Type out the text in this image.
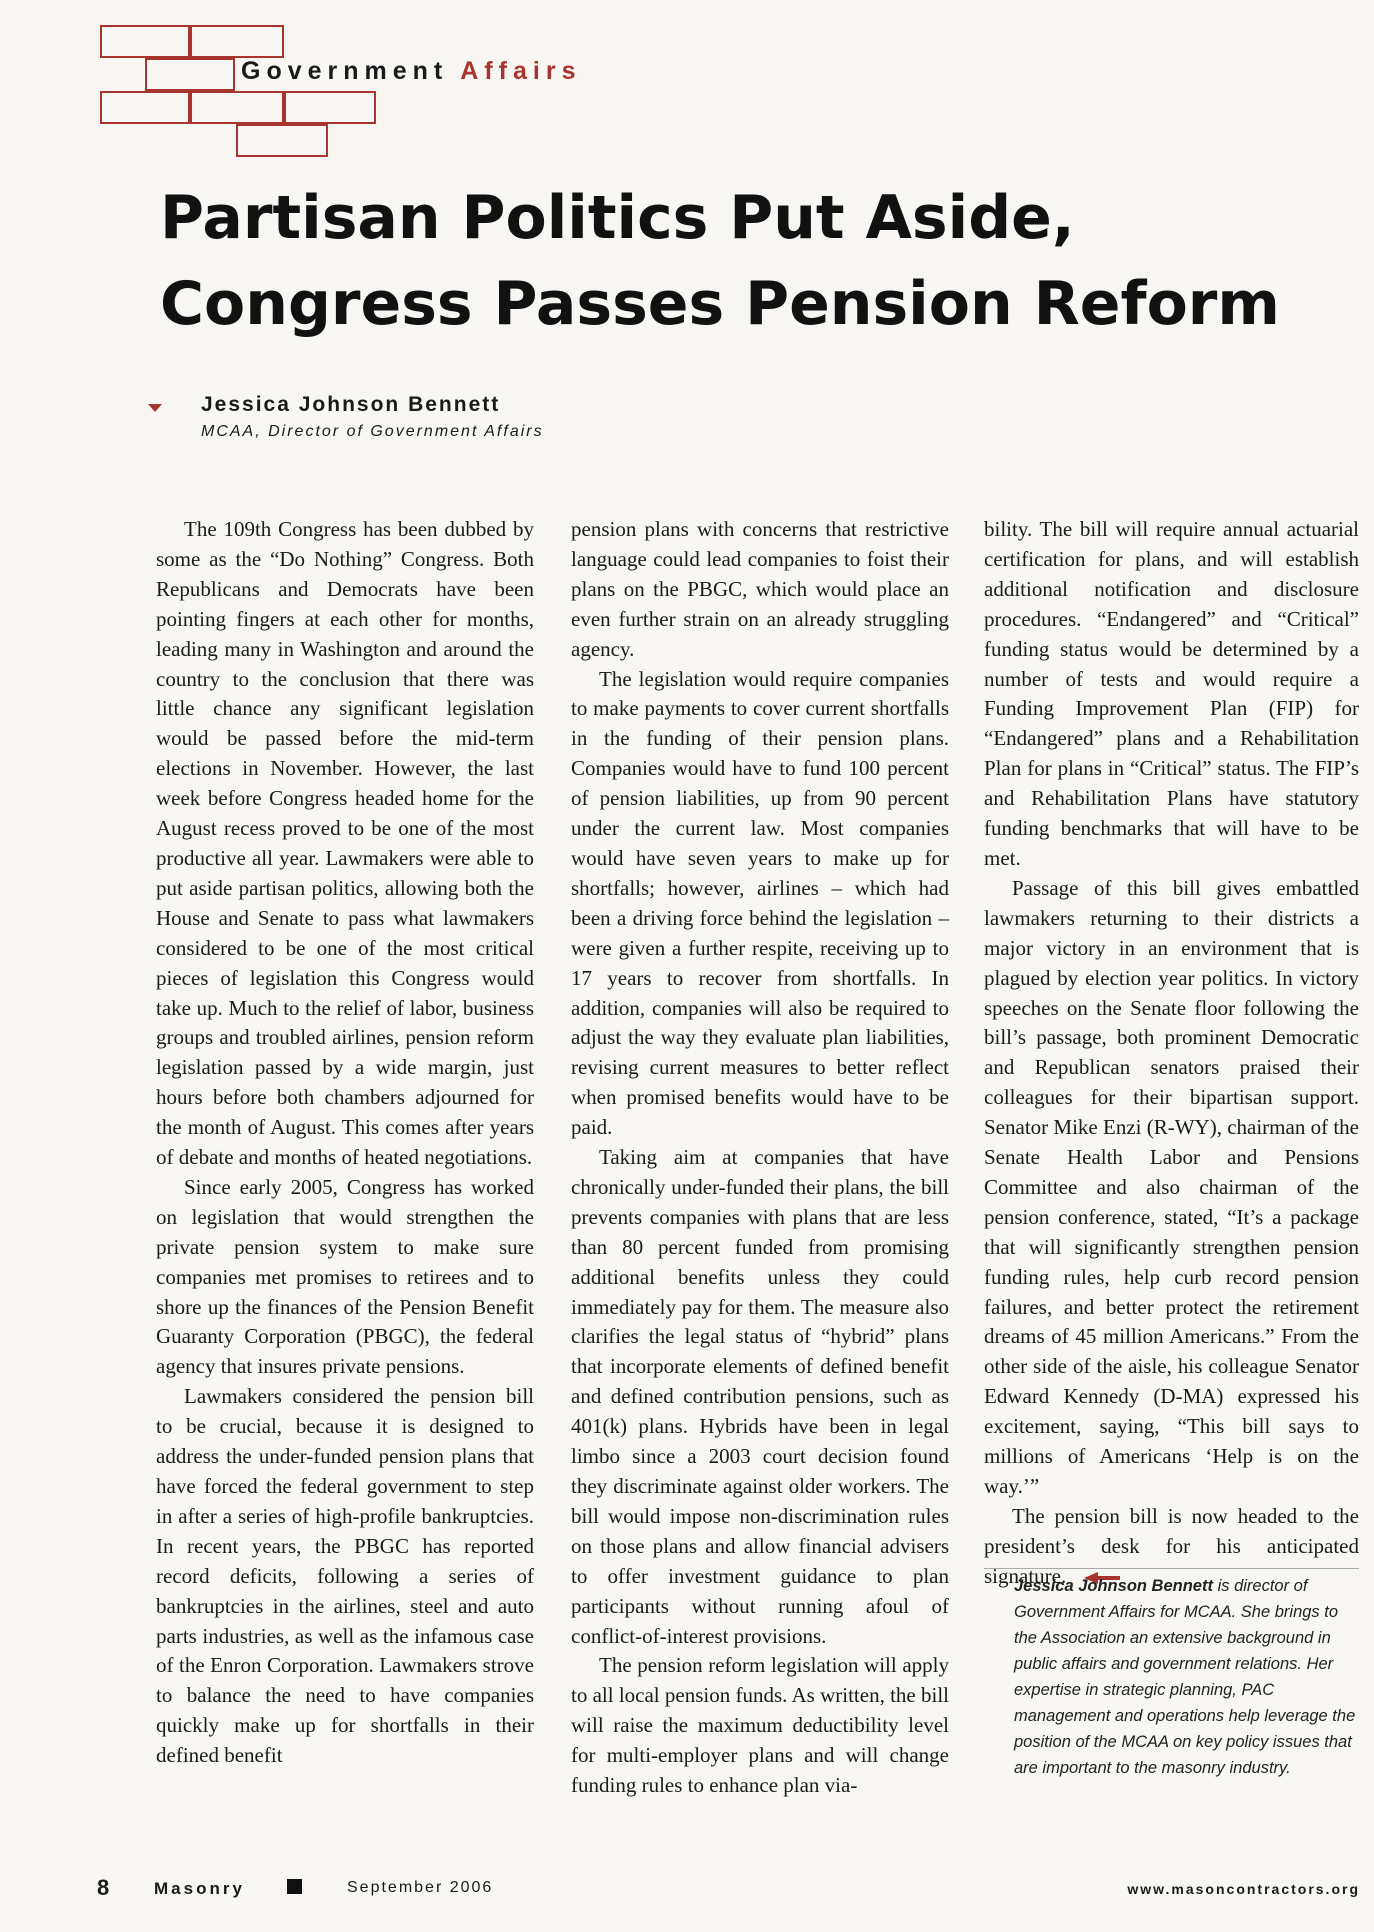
Government Affairs
Partisan Politics Put Aside,
Congress Passes Pension Reform
Jessica Johnson Bennett
MCAA, Director of Government Affairs

The 109th Congress has been dubbed by some as the “Do Nothing” Congress. Both Republicans and Democrats have been pointing fingers at each other for months, leading many in Washington and around the country to the conclusion that there was little chance any significant legislation would be passed before the mid-term elections in November. However, the last week before Congress headed home for the August recess proved to be one of the most productive all year. Lawmakers were able to put aside partisan politics, allowing both the House and Senate to pass what lawmakers considered to be one of the most critical pieces of legislation this Congress would take up. Much to the relief of labor, business groups and troubled airlines, pension reform legislation passed by a wide margin, just hours before both chambers adjourned for the month of August. This comes after years of debate and months of heated negotiations.

Since early 2005, Congress has worked on legislation that would strengthen the private pension system to make sure companies met promises to retirees and to shore up the finances of the Pension Benefit Guaranty Corporation (PBGC), the federal agency that insures private pensions.

Lawmakers considered the pension bill to be crucial, because it is designed to address the under-funded pension plans that have forced the federal government to step in after a series of high-profile bankruptcies. In recent years, the PBGC has reported record deficits, following a series of bankruptcies in the airlines, steel and auto parts industries, as well as the infamous case of the Enron Corporation. Lawmakers strove to balance the need to have companies quickly make up for shortfalls in their defined benefit

pension plans with concerns that restrictive language could lead companies to foist their plans on the PBGC, which would place an even further strain on an already struggling agency.

The legislation would require companies to make payments to cover current shortfalls in the funding of their pension plans. Companies would have to fund 100 percent of pension liabilities, up from 90 percent under the current law. Most companies would have seven years to make up for shortfalls; however, airlines – which had been a driving force behind the legislation – were given a further respite, receiving up to 17 years to recover from shortfalls. In addition, companies will also be required to adjust the way they evaluate plan liabilities, revising current measures to better reflect when promised benefits would have to be paid.

Taking aim at companies that have chronically under-funded their plans, the bill prevents companies with plans that are less than 80 percent funded from promising additional benefits unless they could immediately pay for them. The measure also clarifies the legal status of “hybrid” plans that incorporate elements of defined benefit and defined contribution pensions, such as 401(k) plans. Hybrids have been in legal limbo since a 2003 court decision found they discriminate against older workers. The bill would impose non-discrimination rules on those plans and allow financial advisers to offer investment guidance to plan participants without running afoul of conflict-of-interest provisions.

The pension reform legislation will apply to all local pension funds. As written, the bill will raise the maximum deductibility level for multi-employer plans and will change funding rules to enhance plan via-

bility. The bill will require annual actuarial certification for plans, and will establish additional notification and disclosure procedures. “Endangered” and “Critical” funding status would be determined by a number of tests and would require a Funding Improvement Plan (FIP) for “Endangered” plans and a Rehabilitation Plan for plans in “Critical” status. The FIP’s and Rehabilitation Plans have statutory funding benchmarks that will have to be met.

Passage of this bill gives embattled lawmakers returning to their districts a major victory in an environment that is plagued by election year politics. In victory speeches on the Senate floor following the bill’s passage, both prominent Democratic and Republican senators praised their colleagues for their bipartisan support. Senator Mike Enzi (R-WY), chairman of the Senate Health Labor and Pensions Committee and also chairman of the pension conference, stated, “It’s a package that will significantly strengthen pension funding rules, help curb record pension failures, and better protect the retirement dreams of 45 million Americans.” From the other side of the aisle, his colleague Senator Edward Kennedy (D-MA) expressed his excitement, saying, “This bill says to millions of Americans ‘Help is on the way.’”

The pension bill is now headed to the president’s desk for his anticipated signature.

Jessica Johnson Bennett is director of Government Affairs for MCAA. She brings to the Association an extensive background in public affairs and government relations. Her expertise in strategic planning, PAC management and operations help leverage the position of the MCAA on key policy issues that are important to the masonry industry.

8	Masonry	September 2006	www.masoncontractors.org
